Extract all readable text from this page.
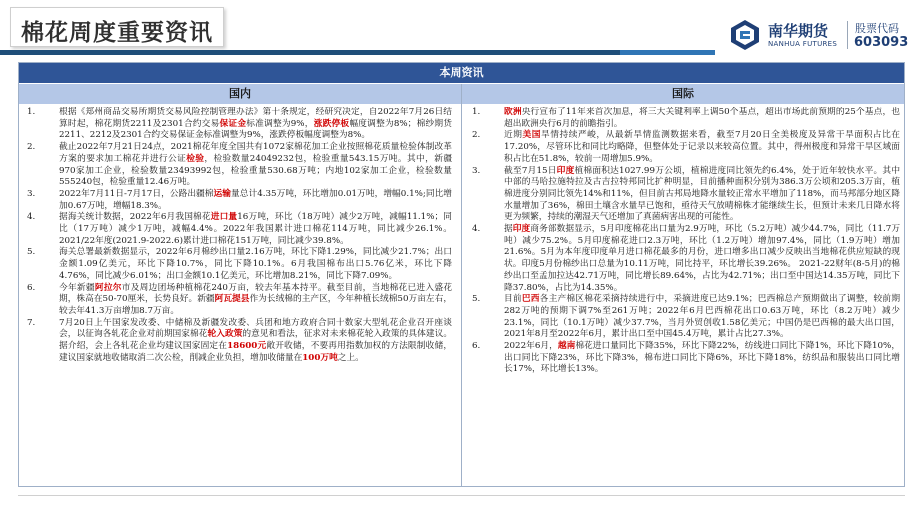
棉花周度重要资讯	南华期货
NANHUA FUTURES
股票代码
603093
本周资讯
国内	国际
1.	根据《郑州商品交易所期货交易风险控制管理办法》第十条规定，经研究决定，自2022年7月26日结算时起，棉花期货2211及2301合约交易保证金标准调整为9%，涨跌停板幅度调整为8%；棉纱期货2211、2212及2301合约交易保证金标准调整为9%，涨跌停板幅度调整为8%。
2.	截止2022年7月21日24点，2021棉花年度全国共有1072家棉花加工企业按照棉花质量检验体制改革方案的要求加工棉花并进行公证检验，检验数量24049232包，检验重量543.15万吨。其中，新疆970家加工企业，检验数量23493992包，检验重量530.68万吨；内地102家加工企业，检验数量555240包，检验重量12.46万吨。
3.	2022年7月11日-7月17日，公路出疆棉运输量总计4.35万吨，环比增加0.01万吨，增幅0.1%;同比增加0.67万吨，增幅18.3%。
4.	据海关统计数据，2022年6月我国棉花进口量16万吨，环比（18万吨）减少2万吨，减幅11.1%；同比（17万吨）减少1万吨，减幅4.4%。2022年我国累计进口棉花114万吨，同比减少26.1%。2021/22年度(2021.9-2022.6)累计进口棉花151万吨，同比减少39.8%。
5.	海关总署最新数据显示，2022年6月棉纱出口量2.16万吨，环比下降1.29%，同比减少21.7%；出口金额1.09亿美元，环比下降10.7%，同比下降10.1%。6月我国棉布出口5.76亿米，环比下降4.76%，同比减少6.01%；出口金额10.1亿美元，环比增加8.21%，同比下降7.09%。
6.	今年新疆阿拉尔市及周边团场种植棉花240万亩，较去年基本持平。截至目前，当地棉花已进入盛花期，株高在50-70厘米，长势良好。新疆阿瓦提县作为长绒棉的主产区，今年种植长绒棉50万亩左右，较去年41.3万亩增加8.7万亩。
7.	7月20日上午国家发改委、中储棉及新疆发改委、兵团和地方政府合同十数家大型轧花企业召开座谈会，以征询各轧花企业对前期国家棉花轮入政策的意见和看法，征求对未来棉花轮入政策的具体建议。据介绍，会上各轧花企业均建议国家固定在18600元敞开收储，不要再用指数加权的方法限制收储，建议国家就地收储取消二次公检，削减企业负担，增加收储量在100万吨之上。
1.	欧洲央行宣布了11年来首次加息，将三大关键利率上调50个基点，超出市场此前预期的25个基点，也超出欧洲央行6月的前瞻指引。
2.	近期美国旱情持续严峻，从最新旱情监测数据来看，截至7月20日全美极度及异常干旱面积占比在17.20%，尽管环比和同比均略降，但整体处于记录以来较高位置。其中，得州极度和异常干旱区域面积占比在51.8%，较前一周增加5.9%。
3.	截至7月15日印度植棉面积达1027.99万公顷，植棉进度同比领先约6.4%，处于近年较快水平。其中中部的马哈拉施特拉及古吉拉特邦同比扩种明显，目前播种面积分别为386.3万公顷和205.3万亩，植棉进度分别同比领先14%和11%，但目前古邦局地降水量较正常水平增加了118%，而马邦部分地区降水量增加了36%，棉田土壤含水量早已饱和，亟待天气放晴棉株才能继续生长，但预计未来几日降水将更为频繁，持续的潮湿天气还增加了真菌病害出现的可能性。
4.	据印度商务部数据显示，5月印度棉花出口量为2.9万吨，环比（5.2万吨）减少44.7%，同比（11.7万吨）减少75.2%。5月印度棉花进口2.3万吨，环比（1.2万吨）增加97.4%，同比（1.9万吨）增加21.6%。5月为本年度印度单月进口棉花最多的月份，进口增多出口减少反映出当地棉花供应短缺的现状。印度5月份棉纱出口总量为10.11万吨，同比持平，环比增长39.26%。 2021-22财年(8-5月)的棉纱出口至孟加拉达42.71万吨，同比增长89.64%，占比为42.71%；出口至中国达14.35万吨，同比下降37.80%，占比为14.35%。
5.	目前巴西各主产棉区棉花采摘持续进行中，采摘进度已达9.1%；巴西棉总产预期做出了调整，较前期282万吨的预期下调7%至261万吨；2022年6月巴西棉花出口0.63万吨，环比（8.2万吨）减少23.1%，同比（10.1万吨）减少37.7%，当月外贸创收1.58亿美元；中国仍是巴西棉的最大出口国，2021年8月至2022年6月，累计出口至中国45.4万吨，累计占比27.3%。
6.	2022年6月，越南棉花进口量同比下降35%，环比下降22%，纺线进口同比下降1%，环比下降10%，出口同比下降23%，环比下降3%，棉布进口同比下降6%，环比下降18%，纺织品和服装出口同比增长17%，环比增长13%。
